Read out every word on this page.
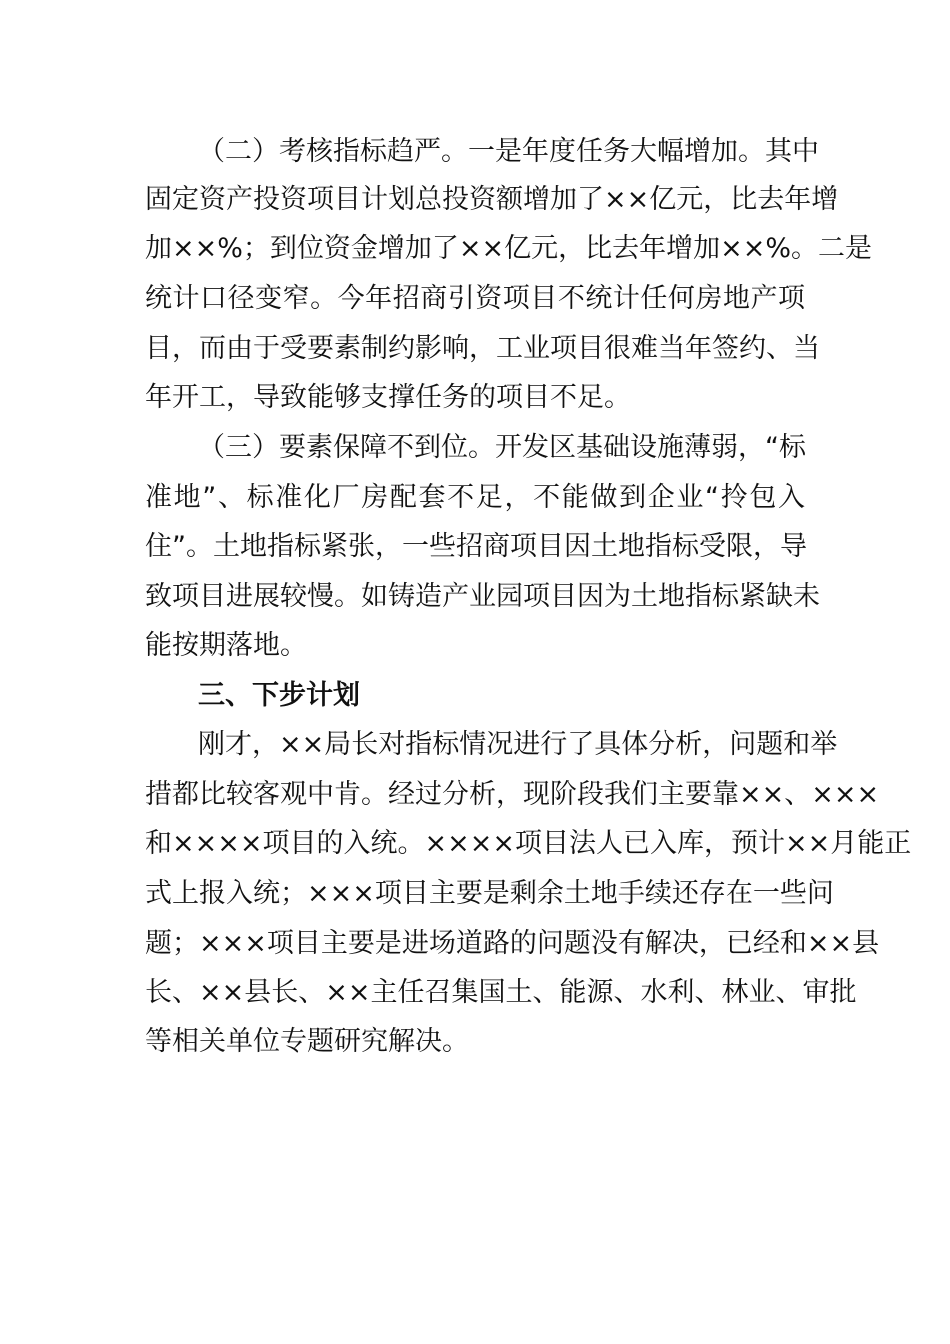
（二）考核指标趋严。一是年度任务大幅增加。其中
固定资产投资项目计划总投资额增加了××亿元，比去年增
加××%；到位资金增加了××亿元，比去年增加××%。二是
统计口径变窄。今年招商引资项目不统计任何房地产项
目，而由于受要素制约影响，工业项目很难当年签约、当
年开工，导致能够支撑任务的项目不足。
（三）要素保障不到位。开发区基础设施薄弱，“标
准地”、标准化厂房配套不足，不能做到企业“拎包入
住”。土地指标紧张，一些招商项目因土地指标受限，导
致项目进展较慢。如铸造产业园项目因为土地指标紧缺未
能按期落地。
三、下步计划
刚才，××局长对指标情况进行了具体分析，问题和举
措都比较客观中肯。经过分析，现阶段我们主要靠××、×××
和××××项目的入统。××××项目法人已入库，预计××月能正
式上报入统；×××项目主要是剩余土地手续还存在一些问
题；×××项目主要是进场道路的问题没有解决，已经和××县
长、××县长、××主任召集国土、能源、水利、林业、审批
等相关单位专题研究解决。
